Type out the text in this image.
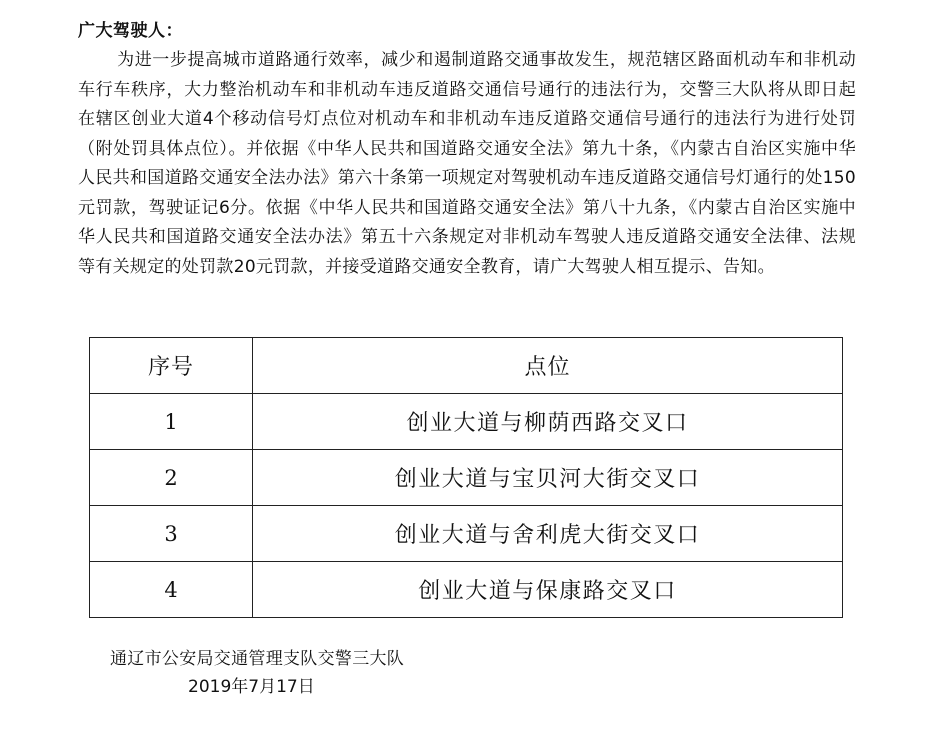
广大驾驶人：

为进一步提高城市道路通行效率，减少和遏制道路交通事故发生，规范辖区路面机动车和非机动车行车秩序，大力整治机动车和非机动车违反道路交通信号通行的违法行为，交警三大队将从即日起在辖区创业大道4个移动信号灯点位对机动车和非机动车违反道路交通信号通行的违法行为进行处罚（附处罚具体点位）。并依据《中华人民共和国道路交通安全法》第九十条，《内蒙古自治区实施中华人民共和国道路交通安全法办法》第六十条第一项规定对驾驶机动车违反道路交通信号灯通行的处150元罚款，驾驶证记6分。依据《中华人民共和国道路交通安全法》第八十九条，《内蒙古自治区实施中华人民共和国道路交通安全法办法》第五十六条规定对非机动车驾驶人违反道路交通安全法律、法规等有关规定的处罚款20元罚款，并接受道路交通安全教育，请广大驾驶人相互提示、告知。

序号	点位
1	创业大道与柳荫西路交叉口
2	创业大道与宝贝河大街交叉口
3	创业大道与舍利虎大街交叉口
4	创业大道与保康路交叉口
通辽市公安局交通管理支队交警三大队
2019年7月17日
